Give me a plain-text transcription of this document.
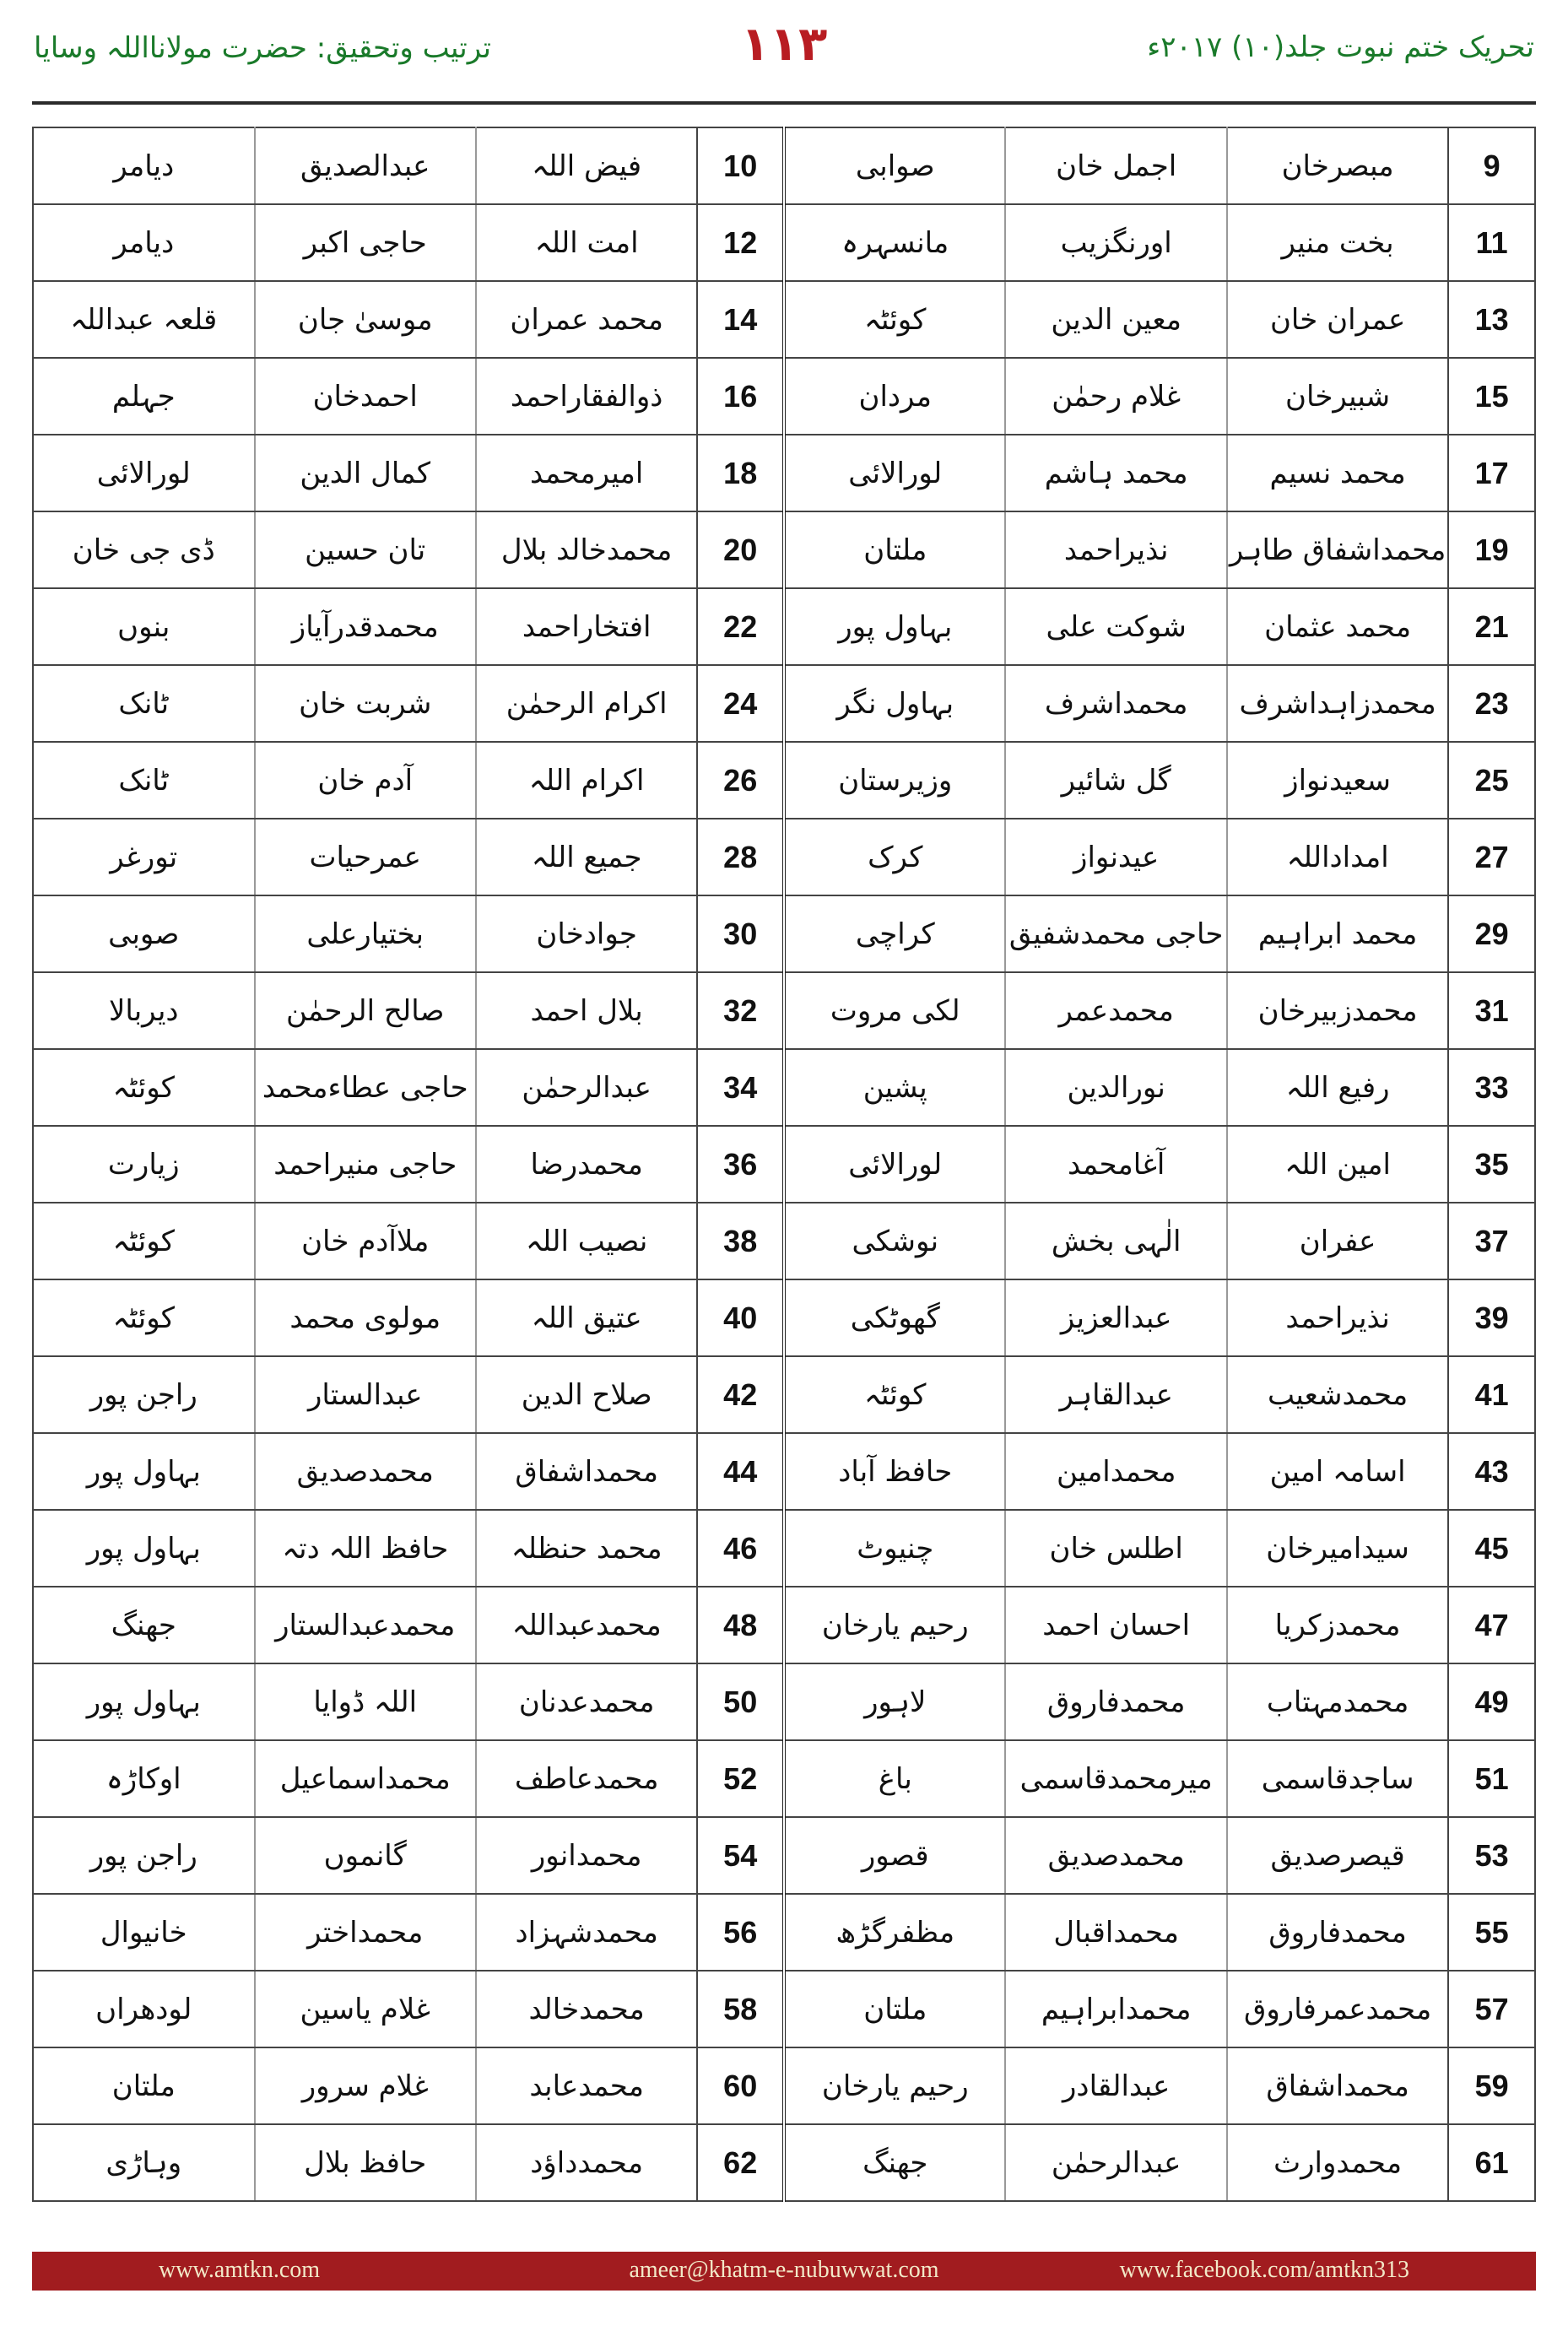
ترتیب وتحقیق: حضرت مولانااللہ وسایا	۱۱۳	تحریک ختم نبوت جلد(۱۰) ۲۰۱۷ء
9	مبصرخان	اجمل خان	صوابی	10	فیض اللہ	عبدالصدیق	دیامر
11	بخت منیر	اورنگزیب	مانسہرہ	12	امت اللہ	حاجی اکبر	دیامر
13	عمران خان	معین الدین	کوئٹہ	14	محمد عمران	موسیٰ جان	قلعہ عبداللہ
15	شبیرخان	غلام رحمٰن	مردان	16	ذوالفقاراحمد	احمدخان	جہلم
17	محمد نسیم	محمد ہاشم	لورالائی	18	امیرمحمد	کمال الدین	لورالائی
19	محمداشفاق طاہر	نذیراحمد	ملتان	20	محمدخالد بلال	تان حسین	ڈی جی خان
21	محمد عثمان	شوکت علی	بہاول پور	22	افتخاراحمد	محمدقدرآیاز	بنوں
23	محمدزاہداشرف	محمداشرف	بہاول نگر	24	اکرام الرحمٰن	شربت خان	ٹانک
25	سعیدنواز	گل شائیر	وزیرستان	26	اکرام اللہ	آدم خان	ٹانک
27	امداداللہ	عیدنواز	کرک	28	جمیع اللہ	عمرحیات	تورغر
29	محمد ابراہیم	حاجی محمدشفیق	کراچی	30	جوادخان	بختیارعلی	صوبی
31	محمدزبیرخان	محمدعمر	لکی مروت	32	بلال احمد	صالح الرحمٰن	دیربالا
33	رفیع اللہ	نورالدین	پشین	34	عبدالرحمٰن	حاجی عطاءمحمد	کوئٹہ
35	امین اللہ	آغامحمد	لورالائی	36	محمدرضا	حاجی منیراحمد	زیارت
37	عفران	الٰہی بخش	نوشکی	38	نصیب اللہ	ملاآدم خان	کوئٹہ
39	نذیراحمد	عبدالعزیز	گھوٹکی	40	عتیق اللہ	مولوی محمد	کوئٹہ
41	محمدشعیب	عبدالقاہر	کوئٹہ	42	صلاح الدین	عبدالستار	راجن پور
43	اسامہ امین	محمدامین	حافظ آباد	44	محمداشفاق	محمدصدیق	بہاول پور
45	سیدامیرخان	اطلس خان	چنیوٹ	46	محمد حنظلہ	حافظ اللہ دتہ	بہاول پور
47	محمدزکریا	احسان احمد	رحیم یارخان	48	محمدعبداللہ	محمدعبدالستار	جھنگ
49	محمدمہتاب	محمدفاروق	لاہور	50	محمدعدنان	اللہ ڈوایا	بہاول پور
51	ساجدقاسمی	میرمحمدقاسمی	باغ	52	محمدعاطف	محمداسماعیل	اوکاڑہ
53	قیصرصدیق	محمدصدیق	قصور	54	محمدانور	گانموں	راجن پور
55	محمدفاروق	محمداقبال	مظفرگڑھ	56	محمدشہزاد	محمداختر	خانیوال
57	محمدعمرفاروق	محمدابراہیم	ملتان	58	محمدخالد	غلام یاسین	لودھراں
59	محمداشفاق	عبدالقادر	رحیم یارخان	60	محمدعابد	غلام سرور	ملتان
61	محمدوارث	عبدالرحمٰن	جھنگ	62	محمدداؤد	حافظ بلال	وہاڑی
www.amtkn.com	ameer@khatm-e-nubuwwat.com	www.facebook.com/amtkn313
